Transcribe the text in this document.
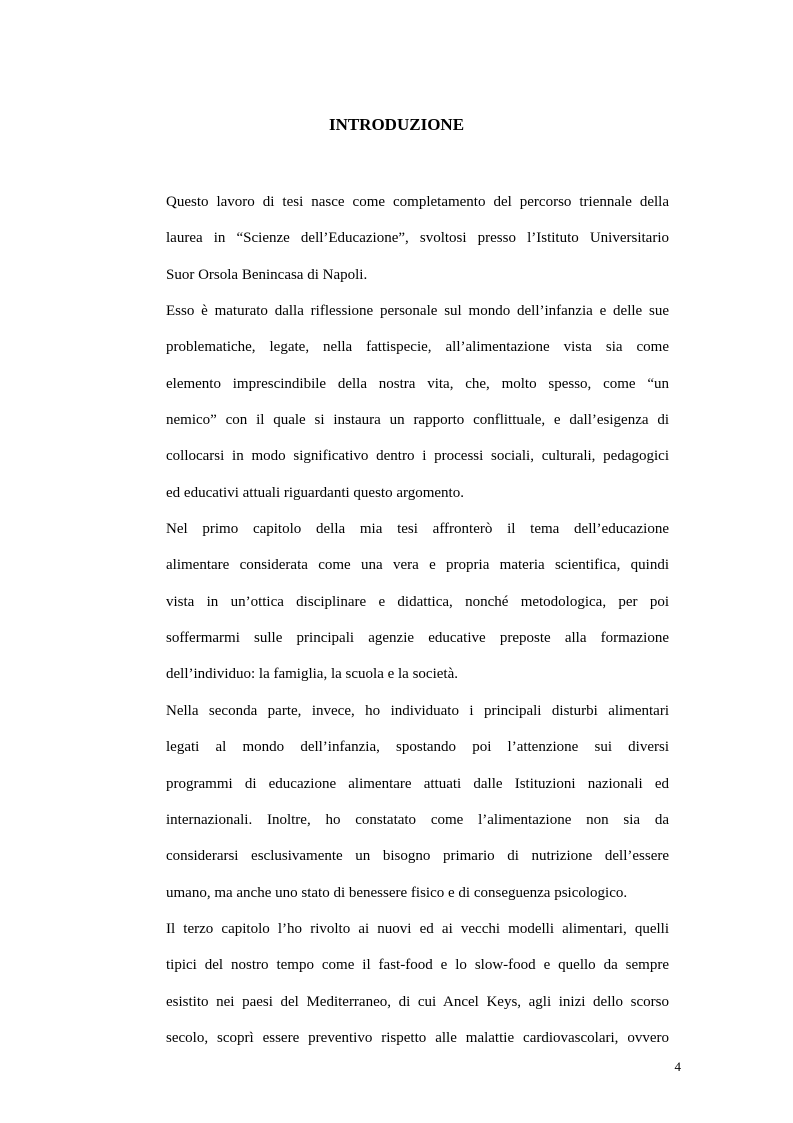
INTRODUZIONE
Questo lavoro di tesi nasce come completamento del percorso triennale della
laurea in “Scienze dell’Educazione”, svoltosi presso l’Istituto Universitario
Suor Orsola Benincasa di Napoli.
Esso è maturato dalla riflessione personale sul mondo dell’infanzia e delle sue
problematiche, legate, nella fattispecie, all’alimentazione vista sia come
elemento imprescindibile della nostra vita, che, molto spesso, come “un
nemico” con il quale si instaura un rapporto conflittuale, e dall’esigenza di
collocarsi in modo significativo dentro i processi sociali, culturali, pedagogici
ed educativi attuali riguardanti questo argomento.
Nel primo capitolo della mia tesi affronterò il tema dell’educazione
alimentare considerata come una vera e propria materia scientifica, quindi
vista in un’ottica disciplinare e didattica, nonché metodologica, per poi
soffermarmi sulle principali agenzie educative preposte alla formazione
dell’individuo: la famiglia, la scuola e la società.
Nella seconda parte, invece, ho individuato i principali disturbi alimentari
legati al mondo dell’infanzia, spostando poi l’attenzione sui diversi
programmi di educazione alimentare attuati dalle Istituzioni nazionali ed
internazionali. Inoltre, ho constatato come l’alimentazione non sia da
considerarsi esclusivamente un bisogno primario di nutrizione dell’essere
umano, ma anche uno stato di benessere fisico e di conseguenza psicologico.
Il terzo capitolo l’ho rivolto ai nuovi ed ai vecchi modelli alimentari, quelli
tipici del nostro tempo come il fast-food e lo slow-food e quello da sempre
esistito nei paesi del Mediterraneo, di cui Ancel Keys, agli inizi dello scorso
secolo, scoprì essere preventivo rispetto alle malattie cardiovascolari, ovvero
4
